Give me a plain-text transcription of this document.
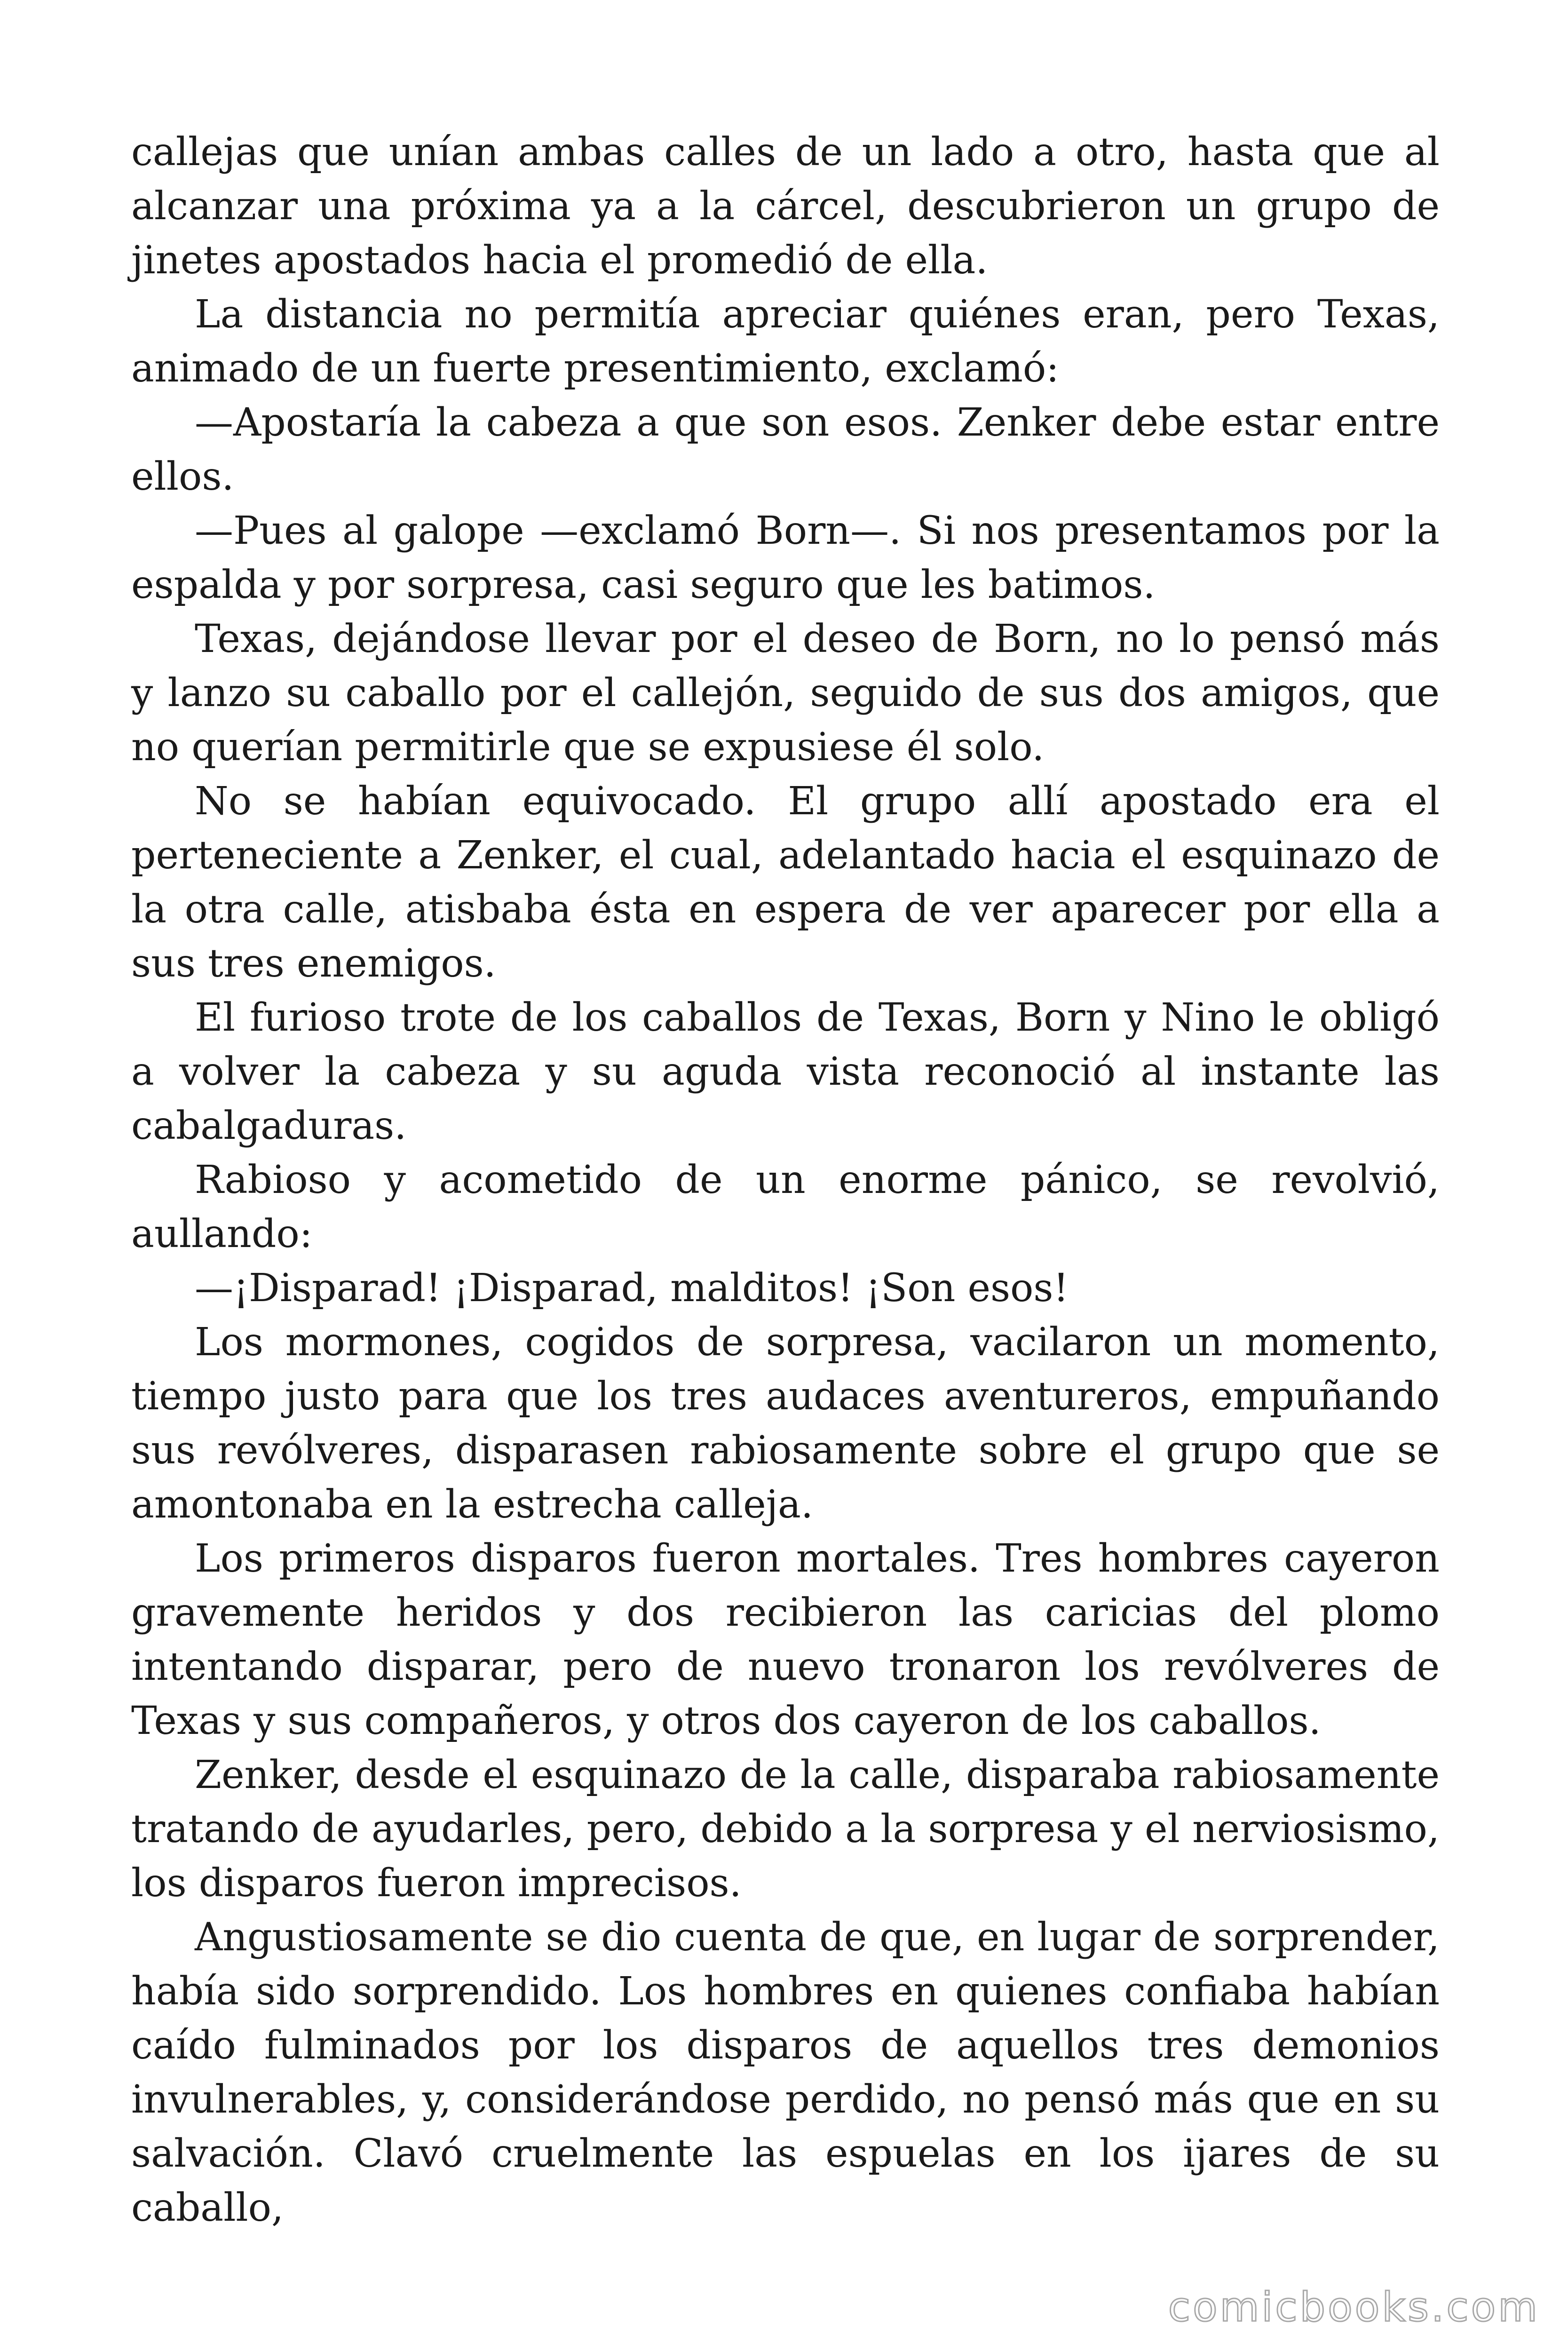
callejas que unían ambas calles de un lado a otro, hasta que al alcanzar una próxima ya a la cárcel, descubrieron un grupo de jinetes apostados hacia el promedió de ella.

La distancia no permitía apreciar quiénes eran, pero Texas, animado de un fuerte presentimiento, exclamó:

—Apostaría la cabeza a que son esos. Zenker debe estar entre ellos.

—Pues al galope —exclamó Born—. Si nos presentamos por la espalda y por sorpresa, casi seguro que les batimos.

Texas, dejándose llevar por el deseo de Born, no lo pensó más y lanzo su caballo por el callejón, seguido de sus dos amigos, que no querían permitirle que se expusiese él solo.

No se habían equivocado. El grupo allí apostado era el perteneciente a Zenker, el cual, adelantado hacia el esquinazo de la otra calle, atisbaba ésta en espera de ver aparecer por ella a sus tres enemigos.

El furioso trote de los caballos de Texas, Born y Nino le obligó a volver la cabeza y su aguda vista reconoció al instante las cabalgaduras.

Rabioso y acometido de un enorme pánico, se revolvió, aullando:

—¡Disparad! ¡Disparad, malditos! ¡Son esos!

Los mormones, cogidos de sorpresa, vacilaron un momento, tiempo justo para que los tres audaces aventureros, empuñando sus revólveres, disparasen rabiosamente sobre el grupo que se amontonaba en la estrecha calleja.

Los primeros disparos fueron mortales. Tres hombres cayeron gravemente heridos y dos recibieron las caricias del plomo intentando disparar, pero de nuevo tronaron los revólveres de Texas y sus compañeros, y otros dos cayeron de los caballos.

Zenker, desde el esquinazo de la calle, disparaba rabiosamente tratando de ayudarles, pero, debido a la sorpresa y el nerviosismo, los disparos fueron imprecisos.

Angustiosamente se dio cuenta de que, en lugar de sorprender, había sido sorprendido. Los hombres en quienes confiaba habían caído fulminados por los disparos de aquellos tres demonios invulnerables, y, considerándose perdido, no pensó más que en su salvación. Clavó cruelmente las espuelas en los ijares de su caballo,

comicbooks.com
